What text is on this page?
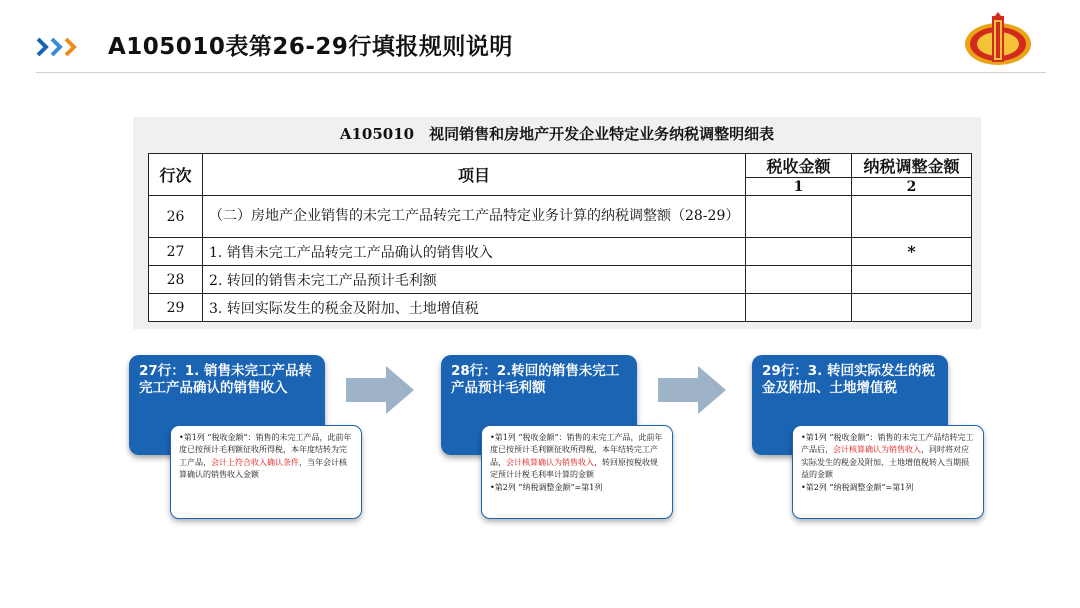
A105010表第26-29行填报规则说明
A105010　视同销售和房地产开发企业特定业务纳税调整明细表
行次	项目	税收金额	纳税调整金额
		1	2
26	（二）房地产企业销售的未完工产品转完工产品特定业务计算的纳税调整额（28-29）		
27	1. 销售未完工产品转完工产品确认的销售收入		*
28	2. 转回的销售未完工产品预计毛利额		
29	3. 转回实际发生的税金及附加、土地增值税		
27行：1. 销售未完工产品转完工产品确认的销售收入
•第1列 “税收金额”：销售的未完工产品，此前年度已按预计毛利额征收所得税，本年度结转为完工产品，会计上符合收入确认条件，当年会计核算确认的销售收入金额
28行：2.转回的销售未完工产品预计毛利额
•第1列 “税收金额”：销售的未完工产品，此前年度已按预计毛利额征收所得税，本年结转完工产品，会计核算确认为销售收入，转回原按税收规定预计计税毛利率计算的金额
•第2列 “纳税调整金额”=第1列
29行：3. 转回实际发生的税金及附加、土地增值税
•第1列 “税收金额”：销售的未完工产品结转完工产品后，会计核算确认为销售收入，同时将对应实际发生的税金及附加、土地增值税转入当期损益的金额
•第2列 “纳税调整金额”=第1列
